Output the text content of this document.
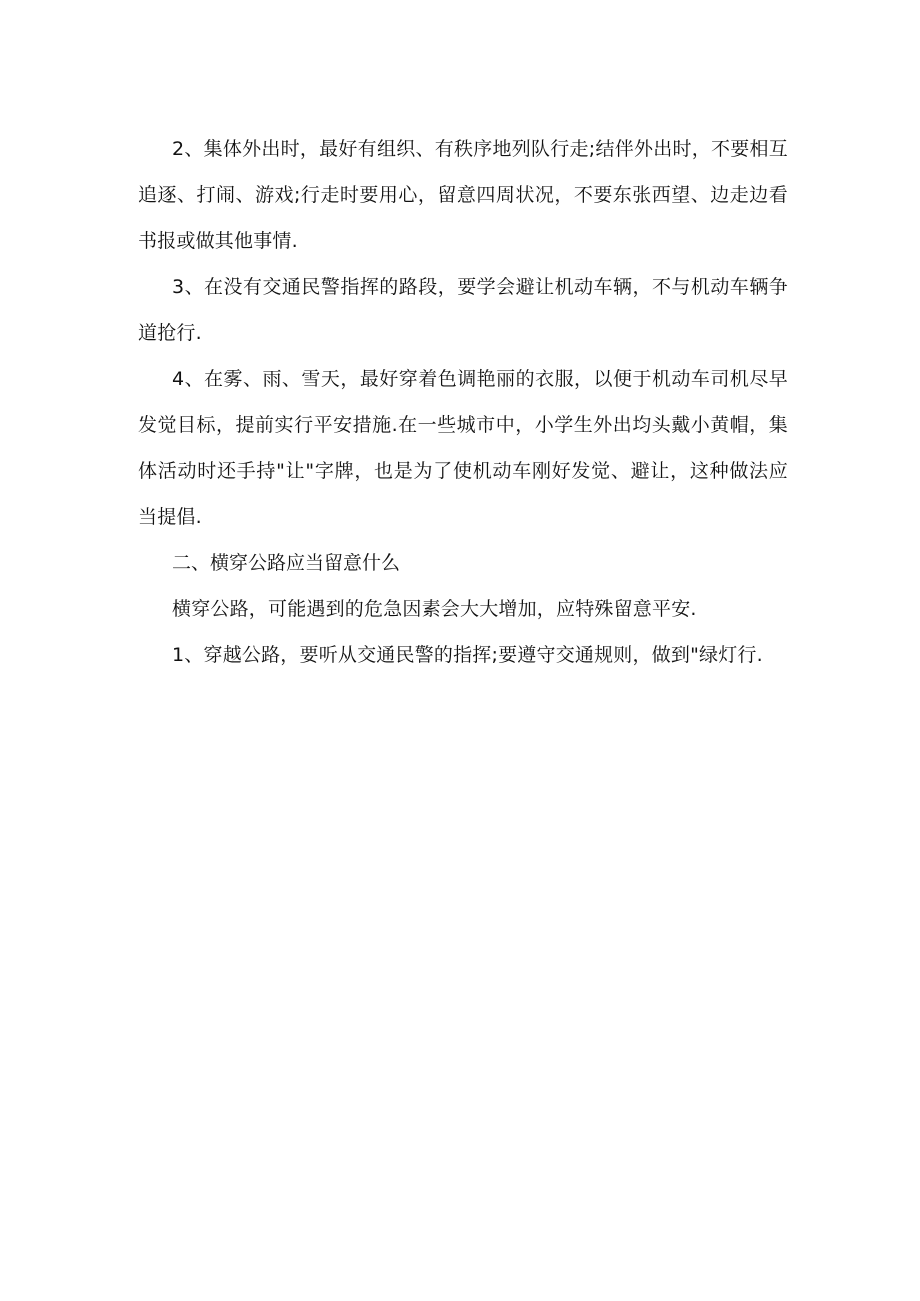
2、集体外出时，最好有组织、有秩序地列队行走;结伴外出时，不要相互追逐、打闹、游戏;行走时要用心，留意四周状况，不要东张西望、边走边看书报或做其他事情.

3、在没有交通民警指挥的路段，要学会避让机动车辆，不与机动车辆争道抢行.

4、在雾、雨、雪天，最好穿着色调艳丽的衣服，以便于机动车司机尽早发觉目标，提前实行平安措施.在一些城市中，小学生外出均头戴小黄帽，集体活动时还手持"让"字牌，也是为了使机动车刚好发觉、避让，这种做法应当提倡.

二、横穿公路应当留意什么

横穿公路，可能遇到的危急因素会大大增加，应特殊留意平安.

1、穿越公路，要听从交通民警的指挥;要遵守交通规则，做到"绿灯行.
